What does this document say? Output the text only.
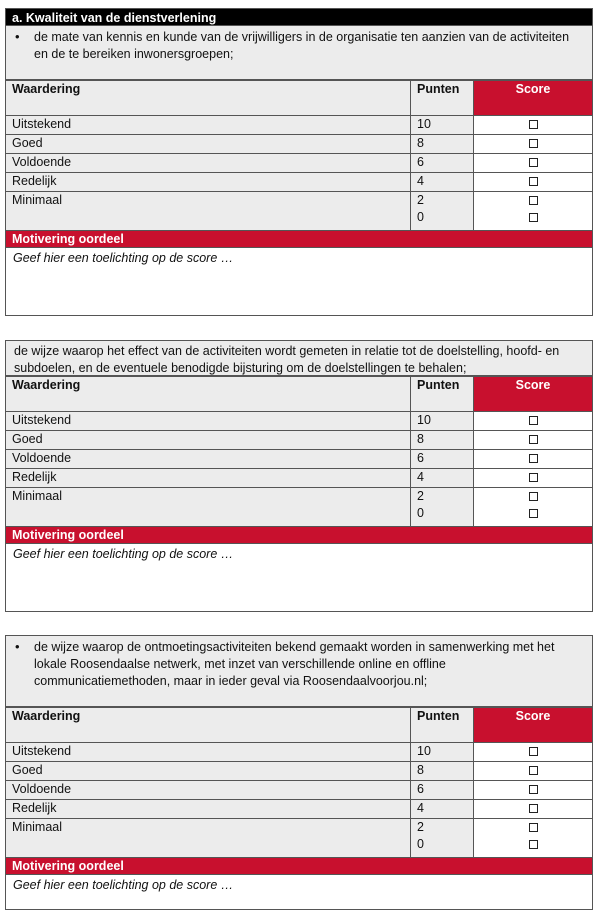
a. Kwaliteit van de dienstverlening
• de mate van kennis en kunde van de vrijwilligers in de organisatie ten aanzien van de activiteiten en de te bereiken inwonersgroepen;
Waardering	Punten	Score
Uitstekend	10	
Goed	8	
Voldoende	6	
Redelijk	4	
Minimaal	2
0	

Motivering oordeel
Geef hier een toelichting op de score …
de wijze waarop het effect van de activiteiten wordt gemeten in relatie tot de doelstelling, hoofd- en subdoelen, en de eventuele benodigde bijsturing om de doelstellingen te behalen;
Waardering	Punten	Score
Uitstekend	10	
Goed	8	
Voldoende	6	
Redelijk	4	
Minimaal	2
0	

Motivering oordeel
Geef hier een toelichting op de score …
• de wijze waarop de ontmoetingsactiviteiten bekend gemaakt worden in samenwerking met het lokale Roosendaalse netwerk, met inzet van verschillende online en offline communicatiemethoden, maar in ieder geval via Roosendaalvoorjou.nl;
Waardering	Punten	Score
Uitstekend	10	
Goed	8	
Voldoende	6	
Redelijk	4	
Minimaal	2
0	

Motivering oordeel
Geef hier een toelichting op de score …
